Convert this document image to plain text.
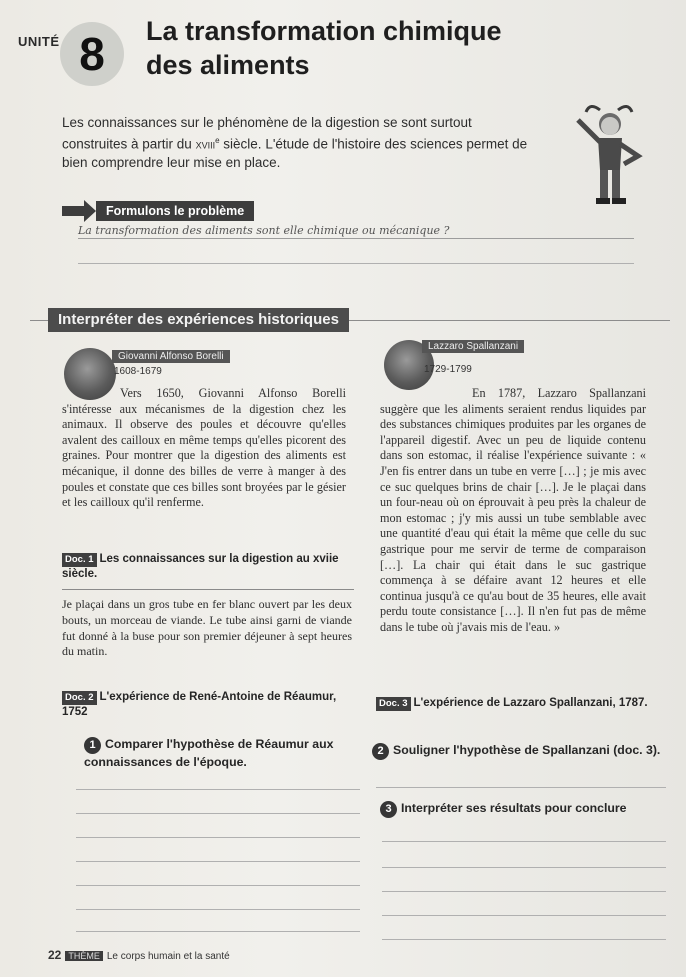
UNITÉ 8 La transformation chimique
des aliments
Les connaissances sur le phénomène de la digestion se sont surtout construites à partir du xviii$^e$ siècle. L'étude de l'histoire des sciences permet de bien comprendre leur mise en place.
Formulons le problème
La transformation des aliments sont elle chimique ou mécanique ?
Interpréter des expériences historiques
Giovanni Alfonso Borelli
1608-1679
Vers 1650, Giovanni Alfonso Borelli s'intéresse aux mécanismes de la digestion chez les animaux. Il observe des poules et découvre qu'elles avalent des cailloux en même temps qu'elles picorent des graines. Pour montrer que la digestion des aliments est mécanique, il donne des billes de verre à manger à des poules et constate que ces billes sont broyées par le gésier et les cailloux qu'il renferme.
Doc. 1 Les connaissances sur la digestion au xviie siècle.
Je plaçai dans un gros tube en fer blanc ouvert par les deux bouts, un morceau de viande. Le tube ainsi garni de viande fut donné à la buse pour son premier déjeuner à sept heures du matin.
Doc. 2 L'expérience de René-Antoine de Réaumur, 1752
Lazzaro Spallanzani
1729-1799
En 1787, Lazzaro Spallanzani suggère que les aliments seraient rendus liquides par des substances chimiques produites par les organes de l'appareil digestif. Avec un peu de liquide contenu dans son estomac, il réalise l'expérience suivante : « J'en fis entrer dans un tube en verre […] ; je mis avec ce suc quelques brins de chair […]. Je le plaçai dans un four-neau où on éprouvait à peu près la chaleur de mon estomac ; j'y mis aussi un tube semblable avec une quantité d'eau qui était la même que celle du suc gastrique pour me servir de terme de comparaison […]. La chair qui était dans le suc gastrique commença à se défaire avant 12 heures et elle continua jusqu'à ce qu'au bout de 35 heures, elle avait perdu toute consistance […]. Il n'en fut pas de même dans le tube où j'avais mis de l'eau. »
Doc. 3 L'expérience de Lazzaro Spallanzani, 1787.
1 Comparer l'hypothèse de Réaumur aux connaissances de l'époque.
2 Souligner l'hypothèse de Spallanzani (doc. 3).
3 Interpréter ses résultats pour conclure
22 THÈME Le corps humain et la santé
